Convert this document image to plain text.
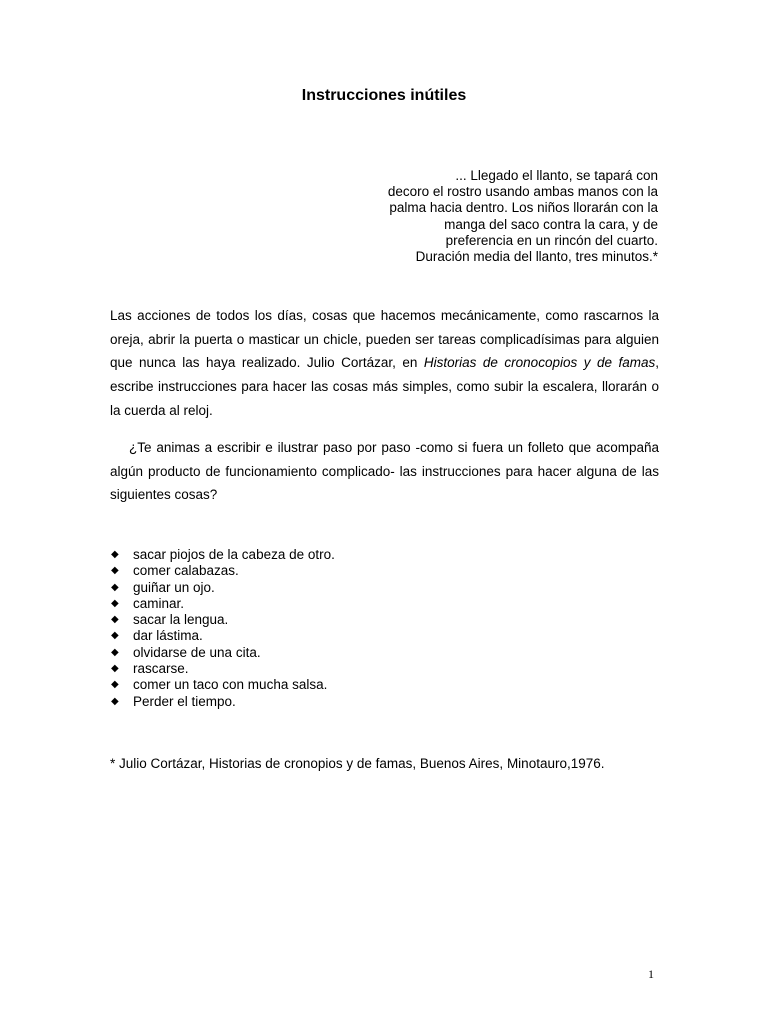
Instrucciones inútiles
... Llegado el llanto, se tapará con
decoro el rostro usando ambas manos con la
palma hacia dentro. Los niños llorarán con la
manga del saco contra la cara, y de
preferencia en un rincón del cuarto.
Duración media del llanto, tres minutos.*

Las acciones de todos los días, cosas que hacemos mecánicamente, como rascarnos la oreja, abrir la puerta o masticar un chicle, pueden ser tareas complicadísimas para alguien que nunca las haya realizado. Julio Cortázar, en Historias de cronocopios y de famas, escribe instrucciones para hacer las cosas más simples, como subir la escalera, llorarán o la cuerda al reloj.

¿Te animas a escribir e ilustrar paso por paso -como si fuera un folleto que acompaña algún producto de funcionamiento complicado- las instrucciones para hacer alguna de las siguientes cosas?

◆ sacar piojos de la cabeza de otro.
◆ comer calabazas.
◆ guiñar un ojo.
◆ caminar.
◆ sacar la lengua.
◆ dar lástima.
◆ olvidarse de una cita.
◆ rascarse.
◆ comer un taco con mucha salsa.
◆ Perder el tiempo.
* Julio Cortázar, Historias de cronopios y de famas, Buenos Aires, Minotauro,1976.
1
